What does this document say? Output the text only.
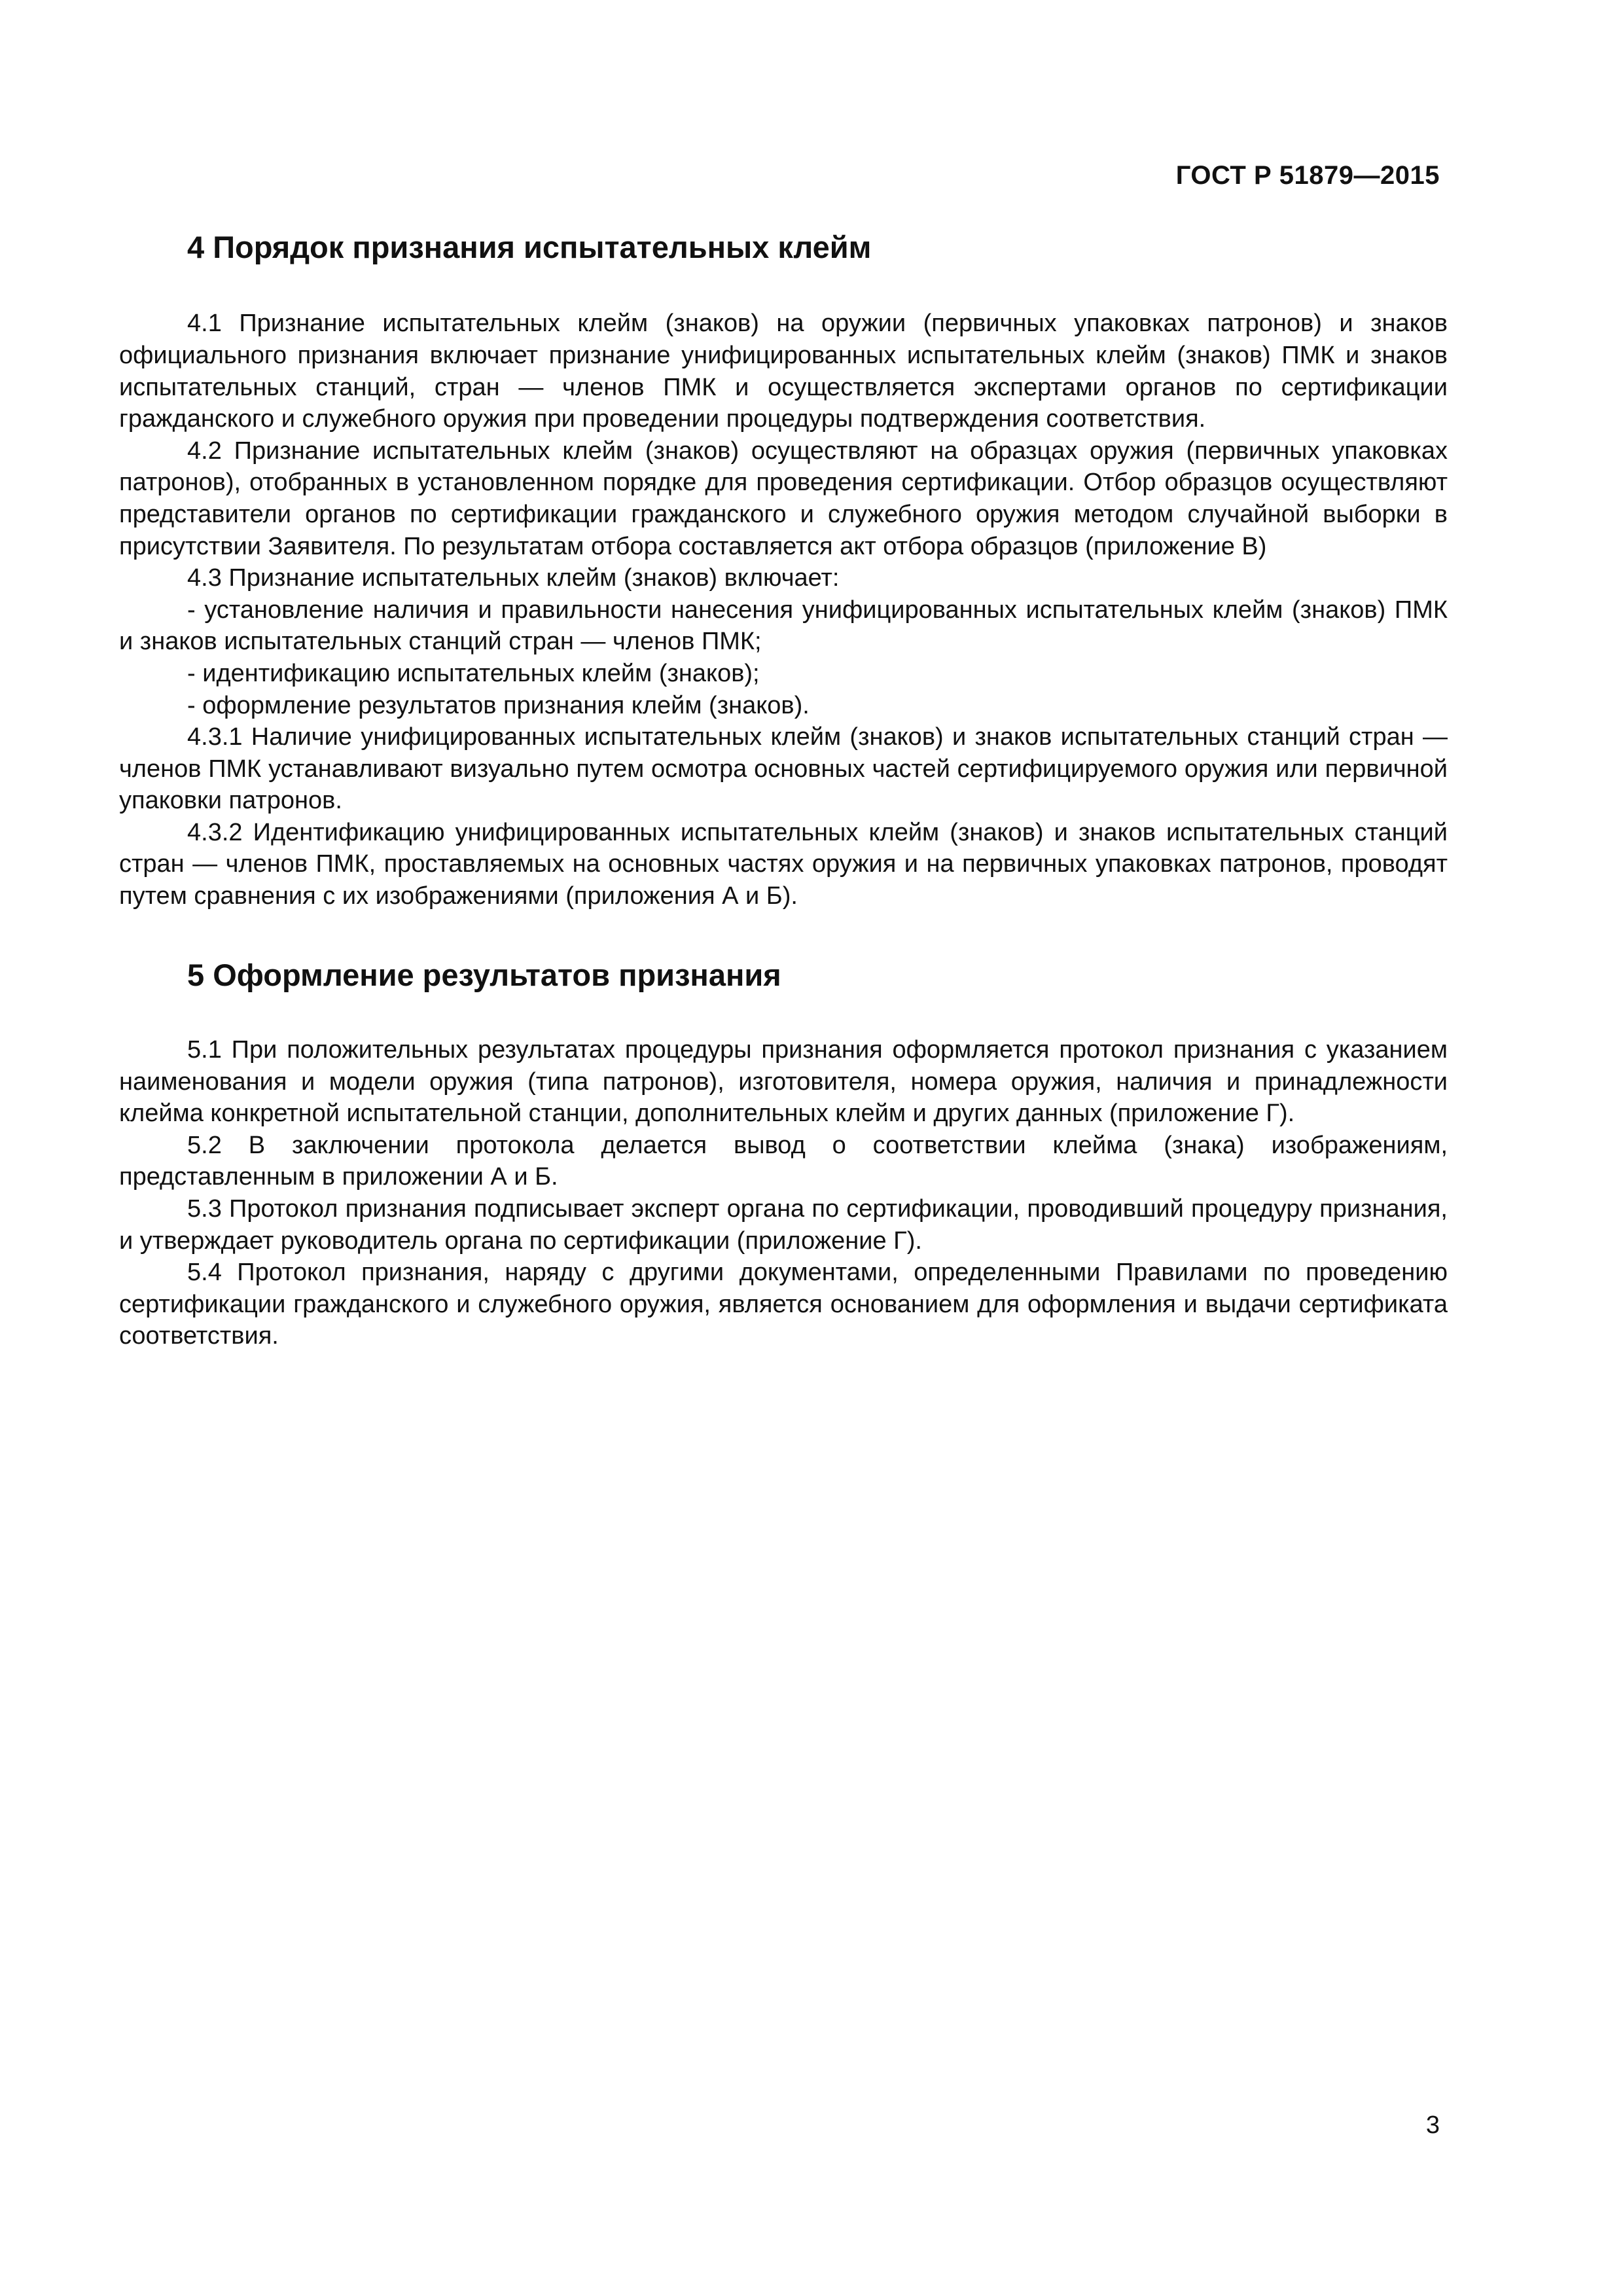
ГОСТ Р 51879—2015
4 Порядок признания испытательных клейм

4.1 Признание испытательных клейм (знаков) на оружии (первичных упаковках патронов) и знаков официального признания включает признание унифицированных испытательных клейм (знаков) ПМК и знаков испытательных станций, стран — членов ПМК и осуществляется экспертами органов по сертификации гражданского и служебного оружия при проведении процедуры подтверждения соответствия.

4.2 Признание испытательных клейм (знаков) осуществляют на образцах оружия (первичных упаковках патронов), отобранных в установленном порядке для проведения сертификации. Отбор образцов осуществляют представители органов по сертификации гражданского и служебного оружия методом случайной выборки в присутствии Заявителя. По результатам отбора составляется акт отбора образцов (приложение В)

4.3 Признание испытательных клейм (знаков) включает:

- установление наличия и правильности нанесения унифицированных испытательных клейм (знаков) ПМК и знаков испытательных станций стран — членов ПМК;

- идентификацию испытательных клейм (знаков);

- оформление результатов признания клейм (знаков).

4.3.1 Наличие унифицированных испытательных клейм (знаков) и знаков испытательных станций стран — членов ПМК устанавливают визуально путем осмотра основных частей сертифицируемого оружия или первичной упаковки патронов.

4.3.2 Идентификацию унифицированных испытательных клейм (знаков) и знаков испытательных станций стран — членов ПМК, проставляемых на основных частях оружия и на первичных упаковках патронов, проводят путем сравнения с их изображениями (приложения А и Б).

5 Оформление результатов признания

5.1 При положительных результатах процедуры признания оформляется протокол признания с указанием наименования и модели оружия (типа патронов), изготовителя, номера оружия, наличия и принадлежности клейма конкретной испытательной станции, дополнительных клейм и других данных (приложение Г).

5.2 В заключении протокола делается вывод о соответствии клейма (знака) изображениям, представленным в приложении А и Б.

5.3 Протокол признания подписывает эксперт органа по сертификации, проводивший процедуру признания, и утверждает руководитель органа по сертификации (приложение Г).

5.4 Протокол признания, наряду с другими документами, определенными Правилами по проведению сертификации гражданского и служебного оружия, является основанием для оформления и выдачи сертификата соответствия.

3
